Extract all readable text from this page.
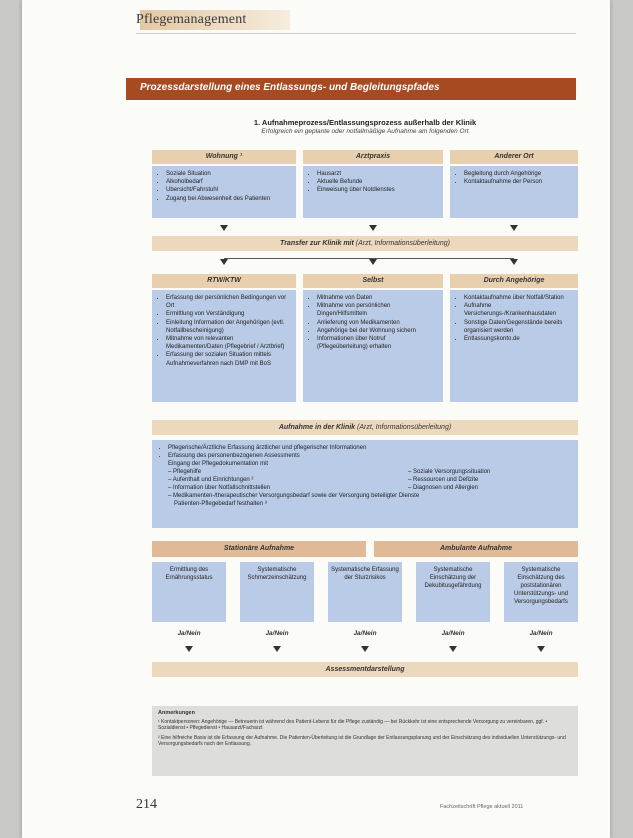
Pflegemanagement
Prozessdarstellung eines Entlassungs- und Begleitungspfades
1. Aufnahmeprozess/Entlassungsprozess außerhalb der Klinik
Erfolgreich ein geplante oder notfallmäßige Aufnahme am folgenden Ort
Wohnung ¹	Arztpraxis	Anderer Ort
• Soziale Situation
• Alkoholbedarf
• Ubersicht/Fahrstuhl
• Zugang bei Abwesenheit des Patienten
• Hausarzt
• Aktuelle Befunde
• Einweisung über Notdienstes
• Begleitung durch Angehörige
• Kontaktaufnahme der Person
Transfer zur Klinik mit (Arzt, Informationsüberleitung)
RTW/KTW	Selbst	Durch Angehörige
• Erfassung der persönlichen Bedingungen vor Ort
• Ermittlung von Verständigung
• Einleitung Information der Angehörigen (evtl. Notfallbescheinigung)
• Mitnahme von relevanten Medikamenten/Daten (Pflegebrief / Arztbrief)
• Erfassung der sozialen Situation mittels Aufnahmeverfahren nach DMP mit BoS
• Mitnahme von Daten
• Mitnahme von persönlichen Dingen/Hilfsmitteln
• Anlieferung von Medikamenten
• Angehörige bei der Wohnung sichern
• Informationen über Notruf (Pflegeüberleitung) erhalten
• Kontaktaufnahme über Notfall/Station
• Aufnahme Versicherungs-/Krankenhausdaten
• Sonstige Daten/Gegenstände bereits organisiert werden
• Entlassungskonto.de
Aufnahme in der Klinik (Arzt, Informationsüberleitung)
• Pflegerische/Ärztliche Erfassung ärztlicher und pflegerischer Informationen
• Erfassung des personenbezogenen Assessments
Eingang der Pflegedokumentation mit
– Pflegehilfe
– Aufenthalt und Einrichtungen ²
– Information über Notfallschnittstellen
– Soziale Versorgungssituation
– Ressourcen und Defizite
– Diagnosen und Allergien
– Medikamenten-/therapeutischer Versorgungsbedarf sowie der Versorgung beteiligter Dienste
Patienten-Pflegebedarf festhalten ³
Stationäre Aufnahme	Ambulante Aufnahme
Ermittlung des Ernährungsstatus
Systematische Schmerzeinschätzung
Systematische Erfassung der Sturzrisikos
Systematische Einschätzung der Dekubitusgefährdung
Systematische Einschätzung des poststationären Unterstützungs- und Versorgungsbedarfs
Ja/Nein	Ja/Nein	Ja/Nein	Ja/Nein	Ja/Nein
Assessmentdarstellung
Anmerkungen
¹ Kontaktpersonen: Angehörige — Betreuerin ist während des Patient-Lebens für die Pflege zuständig — bei Rückkehr ist eine entsprechende Versorgung zu vereinbaren, ggf. • Sozialdienst • Pflegedienst • Hausarzt/Facharzt
² Eine hilfreiche Basis ist die Erfassung der Aufnahme. Die Patienten-Überleitung ist die Grundlage der Entlassungsplanung und der Einschätzung des individuellen Unterstützungs- und Versorgungsbedarfs nach der Entlassung.
214	Fachzeitschrift Pflege aktuell 2011
